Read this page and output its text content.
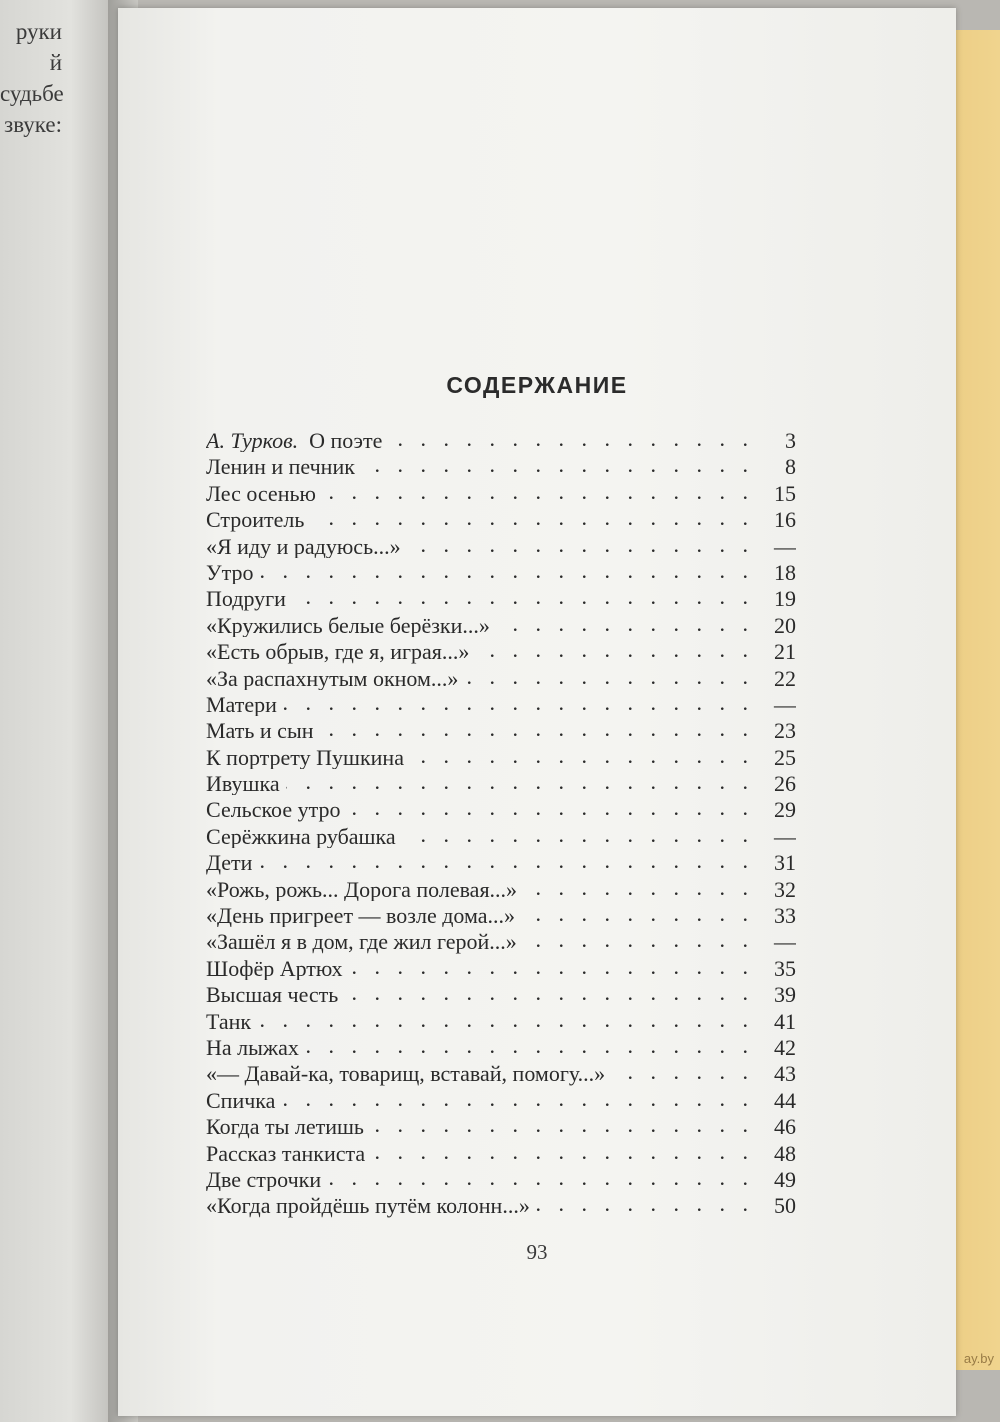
руки
й судьбе
звуке:
ay.by
СОДЕРЖАНИЕ
А. Турков.  О поэте . . .	3
Ленин и печник . . .	8
Лес осенью . . .	15
Строитель . . .	16
«Я иду и радуюсь...» . . .	—
Утро . . .	18
Подруги . . .	19
«Кружились белые берёзки...» . . .	20
«Есть обрыв, где я, играя...» . . .	21
«За распахнутым окном...» . . .	22
Матери . . .	—
Мать и сын . . .	23
К портрету Пушкина . . .	25
Ивушка . . .	26
Сельское утро . . .	29
Серёжкина рубашка . . .	—
Дети . . .	31
«Рожь, рожь... Дорога полевая...» . . .	32
«День пригреет — возле дома...» . . .	33
«Зашёл я в дом, где жил герой...» . . .	—
Шофёр Артюх . . .	35
Высшая честь . . .	39
Танк . . .	41
На лыжах . . .	42
«— Давай-ка, товарищ, вставай, помогу...» . . .	43
Спичка . . .	44
Когда ты летишь . . .	46
Рассказ танкиста . . .	48
Две строчки . . .	49
«Когда пройдёшь путём колонн...» . . .	50
93
